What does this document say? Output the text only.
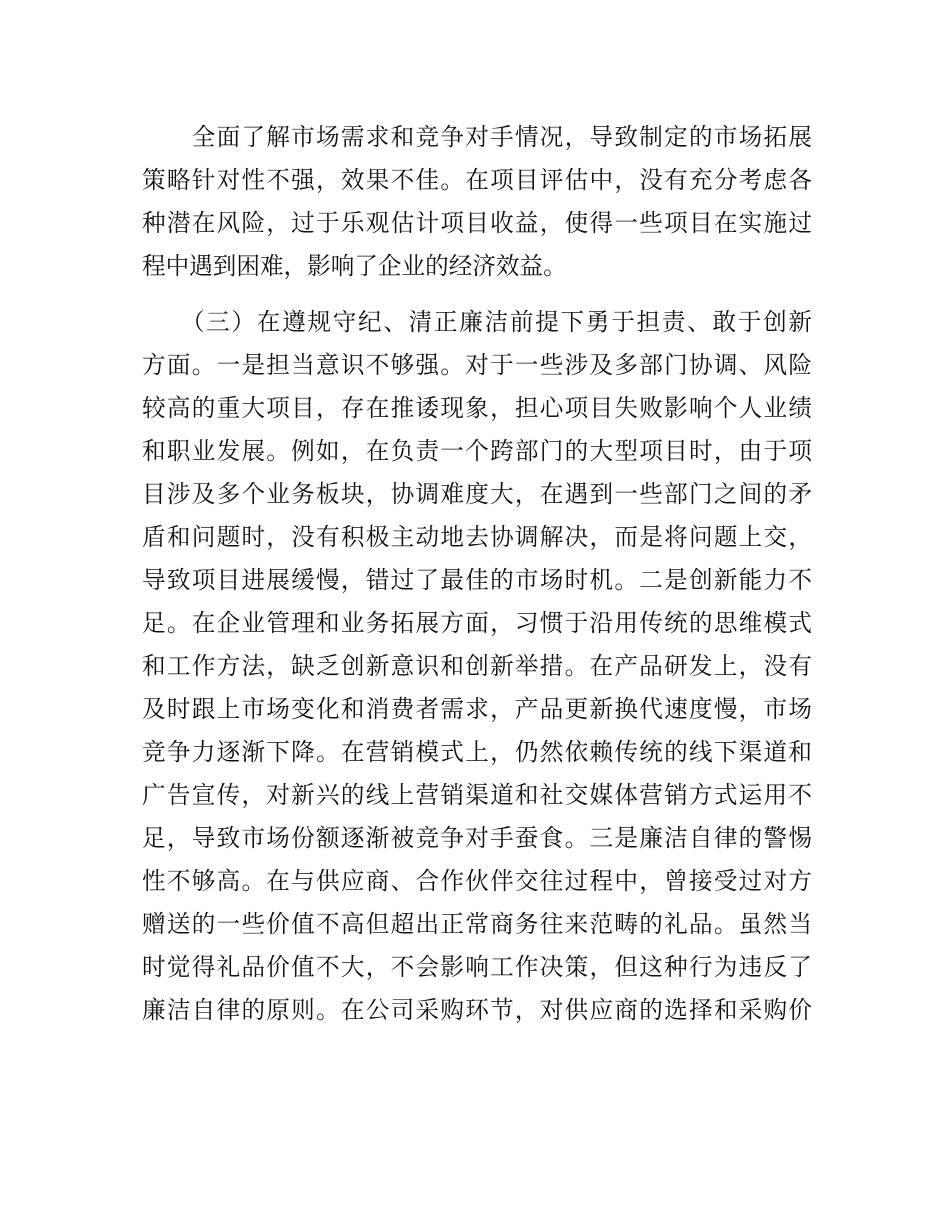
　　全面了解市场需求和竞争对手情况，导致制定的市场拓展
策略针对性不强，效果不佳。在项目评估中，没有充分考虑各
种潜在风险，过于乐观估计项目收益，使得一些项目在实施过
程中遇到困难，影响了企业的经济效益。
　　（三）在遵规守纪、清正廉洁前提下勇于担责、敢于创新
方面。一是担当意识不够强。对于一些涉及多部门协调、风险
较高的重大项目，存在推诿现象，担心项目失败影响个人业绩
和职业发展。例如，在负责一个跨部门的大型项目时，由于项
目涉及多个业务板块，协调难度大，在遇到一些部门之间的矛
盾和问题时，没有积极主动地去协调解决，而是将问题上交，
导致项目进展缓慢，错过了最佳的市场时机。二是创新能力不
足。在企业管理和业务拓展方面，习惯于沿用传统的思维模式
和工作方法，缺乏创新意识和创新举措。在产品研发上，没有
及时跟上市场变化和消费者需求，产品更新换代速度慢，市场
竞争力逐渐下降。在营销模式上，仍然依赖传统的线下渠道和
广告宣传，对新兴的线上营销渠道和社交媒体营销方式运用不
足，导致市场份额逐渐被竞争对手蚕食。三是廉洁自律的警惕
性不够高。在与供应商、合作伙伴交往过程中，曾接受过对方
赠送的一些价值不高但超出正常商务往来范畴的礼品。虽然当
时觉得礼品价值不大，不会影响工作决策，但这种行为违反了
廉洁自律的原则。在公司采购环节，对供应商的选择和采购价
